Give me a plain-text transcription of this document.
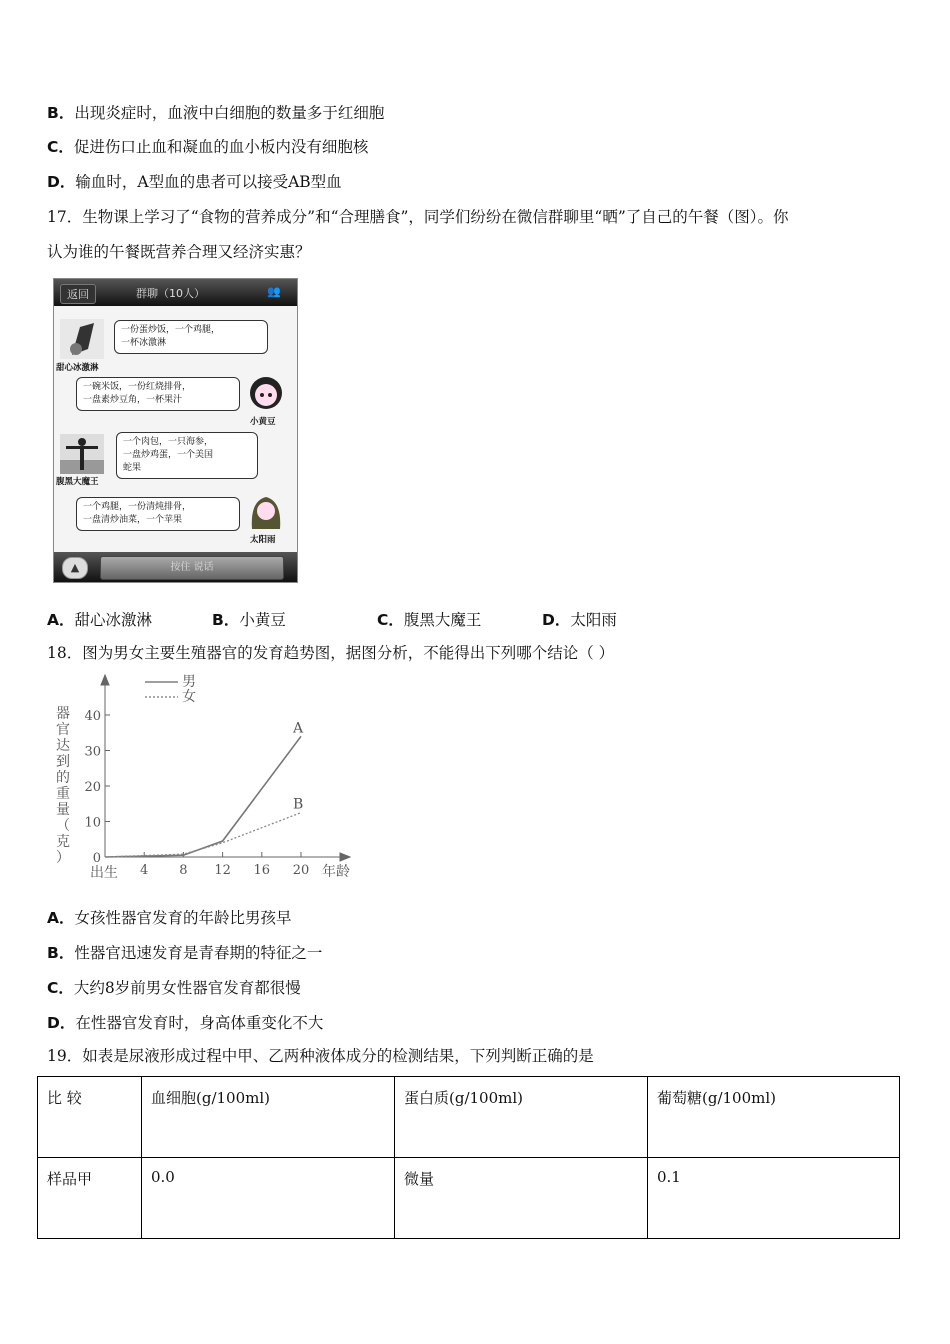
B．出现炎症时，血液中白细胞的数量多于红细胞
C．促进伤口止血和凝血的血小板内没有细胞核
D．输血时，A型血的患者可以接受AB型血
17．生物课上学习了“食物的营养成分”和“合理膳食”，同学们纷纷在微信群聊里“晒”了自己的午餐（图）。你
认为谁的午餐既营养合理又经济实惠？
返回	群聊（10人）	👥
甜心冰激淋
一份蛋炒饭，一个鸡腿，
一杯冰激淋
一碗米饭，一份红烧排骨，
一盘素炒豆角，一杯果汁
小黄豆
腹黑大魔王
一个肉包，一只海参，
一盘炒鸡蛋，一个美国
蛇果
一个鸡腿，一份清炖排骨，
一盘清炒油菜，一个苹果
太阳雨
▲	按住 说话
A．甜心冰激淋	B．小黄豆	C．腹黑大魔王	D．太阳雨
18．图为男女主要生殖器官的发育趋势图，据图分析，不能得出下列哪个结论（ ）
男
女
年龄
出生
器
官
达
到
的
重
量
（
克
） 0
10
20
30
40
4 8 12 16 20
A
B
A．女孩性器官发育的年龄比男孩早
B．性器官迅速发育是青春期的特征之一
C．大约8岁前男女性器官发育都很慢
D．在性器官发育时，身高体重变化不大
19．如表是尿液形成过程中甲、乙两种液体成分的检测结果，下列判断正确的是
比 较	血细胞(g/100ml)	蛋白质(g/100ml)	葡萄糖(g/100ml)
样品甲	0.0	微量	0.1
